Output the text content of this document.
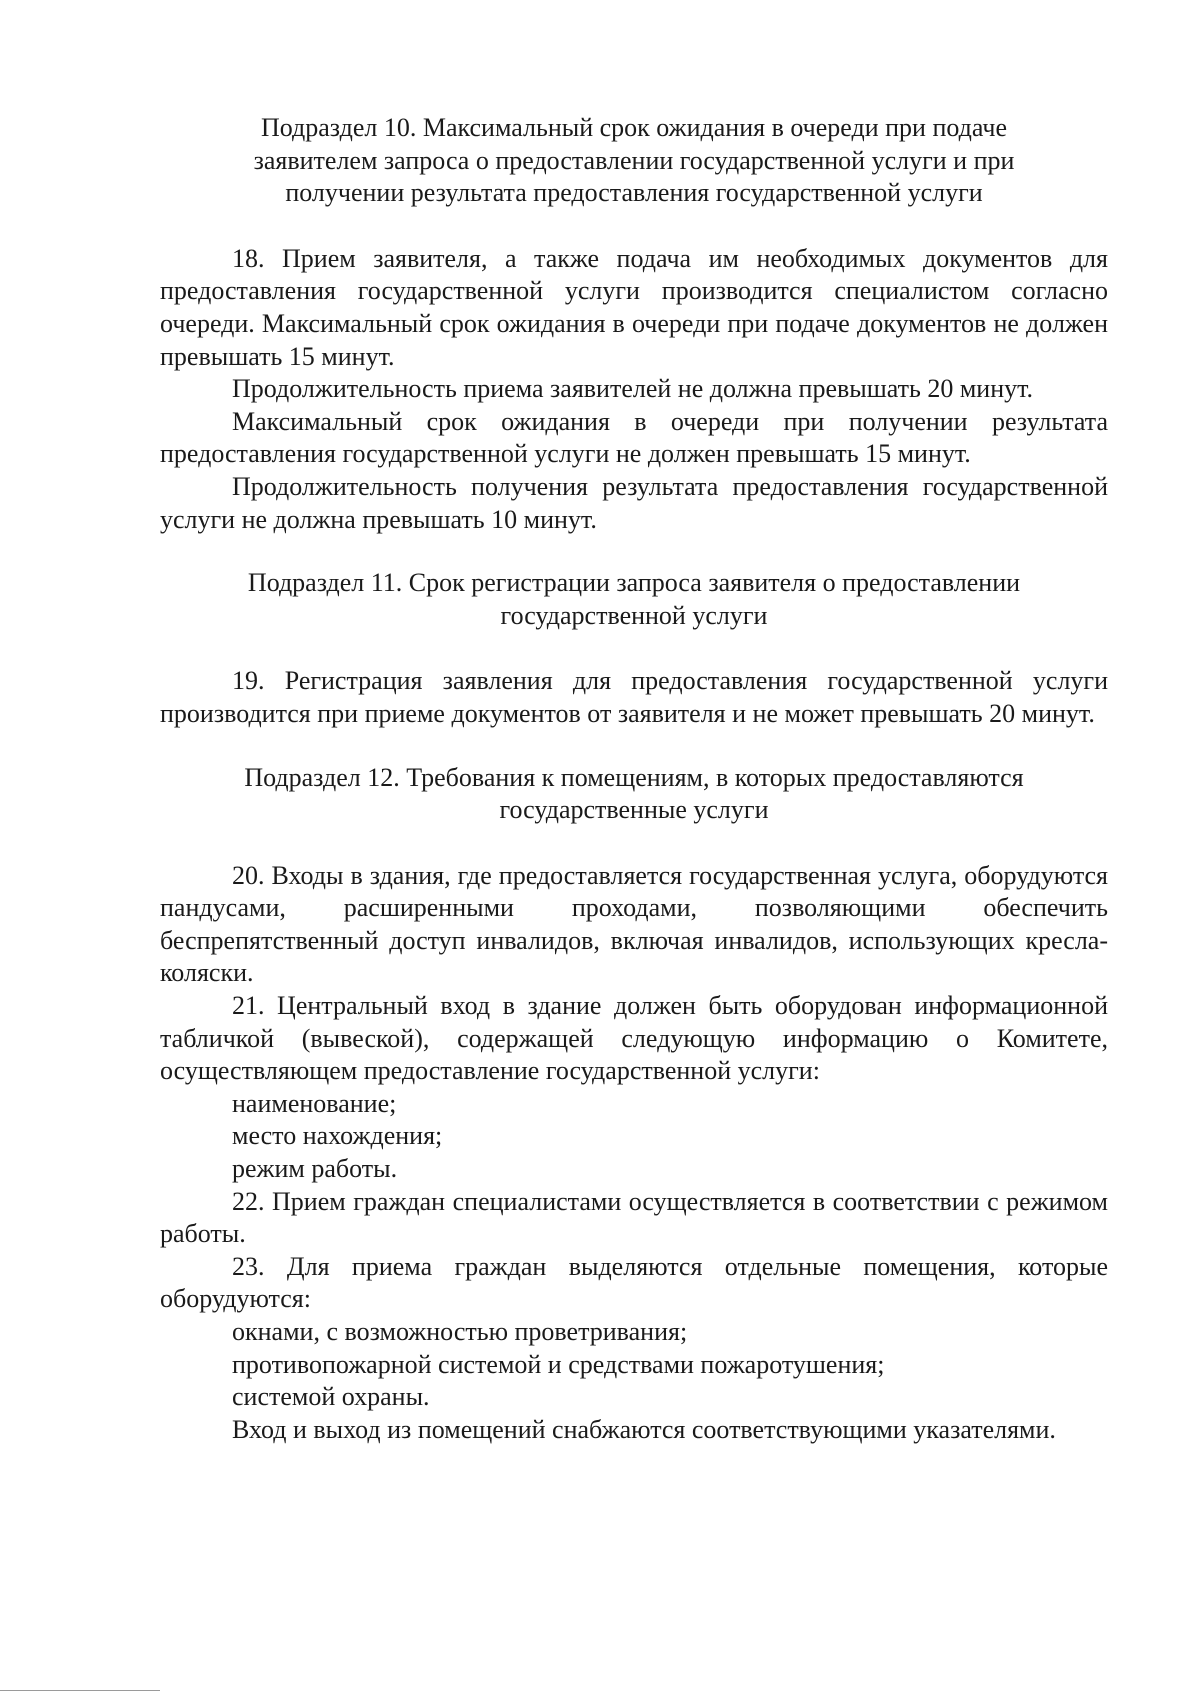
Подраздел 10. Максимальный срок ожидания в очереди при подаче
заявителем запроса о предоставлении государственной услуги и при
получении результата предоставления государственной услуги

18. Прием заявителя, а также подача им необходимых документов для предоставления государственной услуги производится специалистом согласно очереди. Максимальный срок ожидания в очереди при подаче документов не должен превышать 15 минут.

Продолжительность приема заявителей не должна превышать 20 минут.

Максимальный срок ожидания в очереди при получении результата предоставления государственной услуги не должен превышать 15 минут.

Продолжительность получения результата предоставления государственной услуги не должна превышать 10 минут.

Подраздел 11. Срок регистрации запроса заявителя о предоставлении
государственной услуги

19. Регистрация заявления для предоставления государственной услуги производится при приеме документов от заявителя и не может превышать 20 минут.

Подраздел 12. Требования к помещениям, в которых предоставляются
государственные услуги

20. Входы в здания, где предоставляется государственная услуга, оборудуются пандусами, расширенными проходами, позволяющими обеспечить беспрепятственный доступ инвалидов, включая инвалидов, использующих кресла-коляски.

21. Центральный вход в здание должен быть оборудован информационной табличкой (вывеской), содержащей следующую информацию о Комитете, осуществляющем предоставление государственной услуги:

наименование;

место нахождения;

режим работы.

22. Прием граждан специалистами осуществляется в соответствии с режимом работы.

23. Для приема граждан выделяются отдельные помещения, которые оборудуются:

окнами, с возможностью проветривания;

противопожарной системой и средствами пожаротушения;

системой охраны.

Вход и выход из помещений снабжаются соответствующими указателями.
